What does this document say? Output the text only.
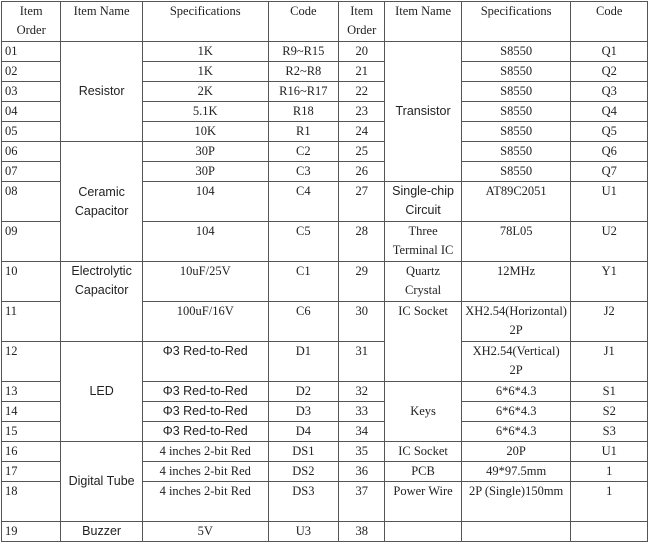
Item Order	Item Name	Specifications	Code	Item Order	Item Name	Specifications	Code
01	Resistor	1K	R9~R15	20	Transistor	S8550	Q1
02		1K	R2~R8	21		S8550	Q2
03		2K	R16~R17	22		S8550	Q3
04		5.1K	R18	23		S8550	Q4
05		10K	R1	24		S8550	Q5
06	Ceramic Capacitor	30P	C2	25		S8550	Q6
07		30P	C3	26		S8550	Q7
08		104	C4	27	Single-chip Circuit	AT89C2051	U1
09		104	C5	28	Three Terminal IC	78L05	U2
10	Electrolytic Capacitor	10uF/25V	C1	29	Quartz Crystal	12MHz	Y1
11		100uF/16V	C6	30	IC Socket	XH2.54(Horizontal) 2P	J2
12	LED	Φ3 Red-to-Red	D1	31		XH2.54(Vertical) 2P	J1
13		Φ3 Red-to-Red	D2	32	Keys	6*6*4.3	S1
14		Φ3 Red-to-Red	D3	33		6*6*4.3	S2
15		Φ3 Red-to-Red	D4	34		6*6*4.3	S3
16	Digital Tube	4 inches 2-bit Red	DS1	35	IC Socket	20P	U1
17		4 inches 2-bit Red	DS2	36	PCB	49*97.5mm	1
18		4 inches 2-bit Red	DS3	37	Power Wire	2P (Single)150mm	1
19	Buzzer	5V	U3	38			
